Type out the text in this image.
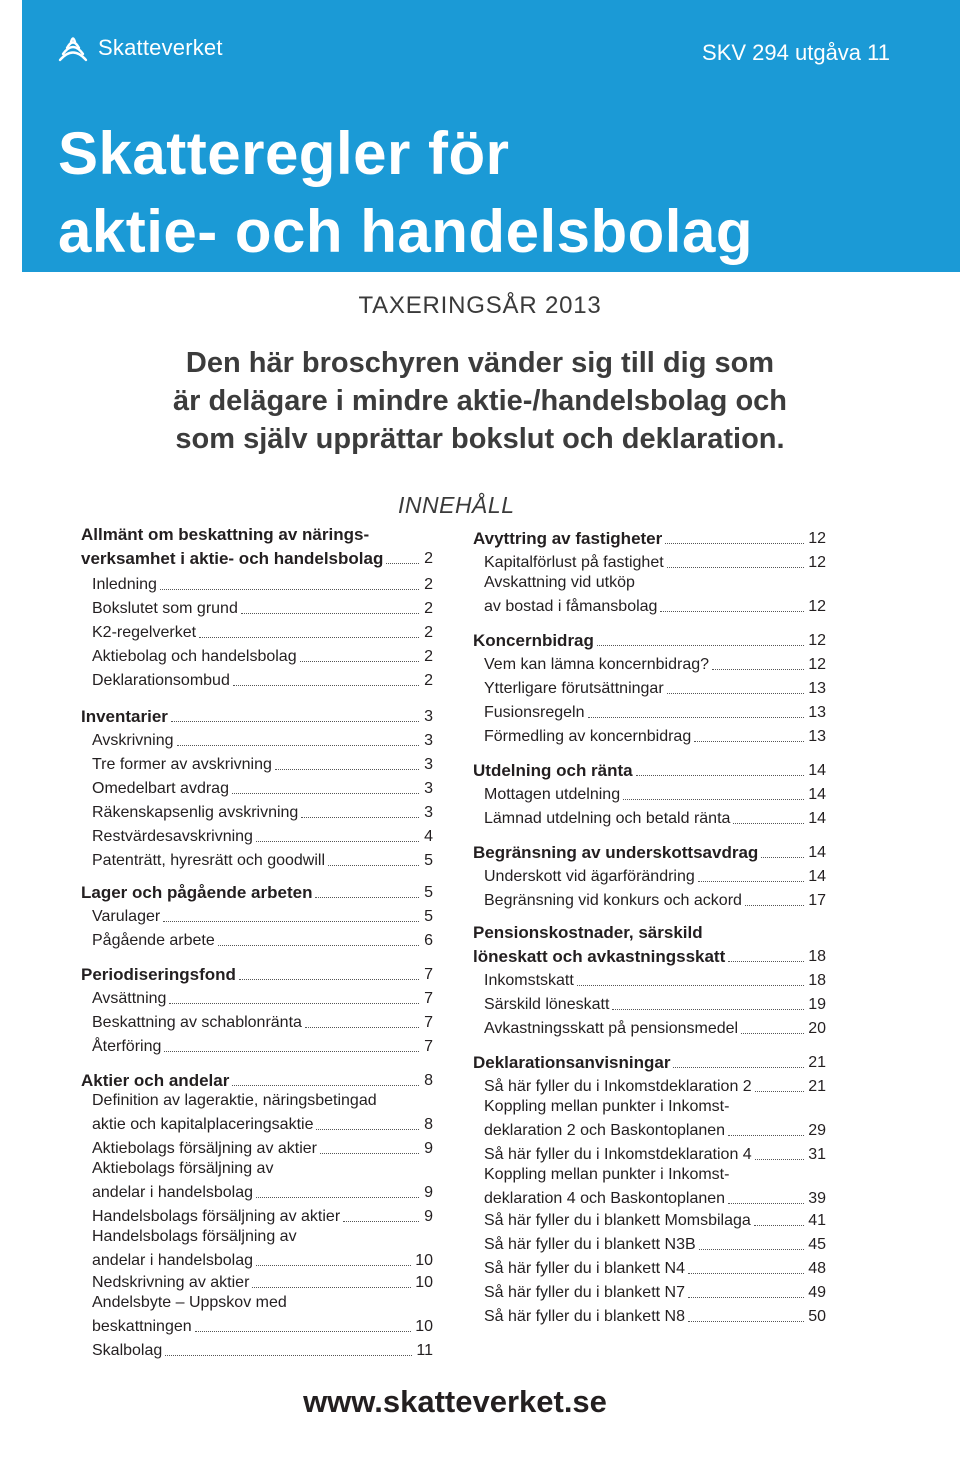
Skatteverket	SKV 294 utgåva 11
Skatteregler för
aktie- och handelsbolag
TAXERINGSÅR 2013
Den här broschyren vänder sig till dig som
är delägare i mindre aktie-/handelsbolag och
som själv upprättar bokslut och deklaration.
INNEHÅLL
Allmänt om beskattning av närings-
verksamhet i aktie- och handelsbolag	2
Inledning	2
Bokslutet som grund	2
K2-regelverket	2
Aktiebolag och handelsbolag	2
Deklarationsombud	2
Inventarier	3
Avskrivning	3
Tre former av avskrivning	3
Omedelbart avdrag	3
Räkenskapsenlig avskrivning	3
Restvärdesavskrivning	4
Patenträtt, hyresrätt och goodwill	5
Lager och pågående arbeten	5
Varulager	5
Pågående arbete	6
Periodiseringsfond	7
Avsättning	7
Beskattning av schablonränta	7
Återföring	7
Aktier och andelar	8
Definition av lageraktie, näringsbetingad
aktie och kapitalplaceringsaktie	8
Aktiebolags försäljning av aktier	9
Aktiebolags försäljning av
andelar i handelsbolag	9
Handelsbolags försäljning av aktier	9
Handelsbolags försäljning av
andelar i handelsbolag	10
Nedskrivning av aktier	10
Andelsbyte – Uppskov med
beskattningen	10
Skalbolag	11
Avyttring av fastigheter	12
Kapitalförlust på fastighet	12
Avskattning vid utköp
av bostad i fåmansbolag	12
Koncernbidrag	12
Vem kan lämna koncernbidrag?	12
Ytterligare förutsättningar	13
Fusionsregeln	13
Förmedling av koncernbidrag	13
Utdelning och ränta	14
Mottagen utdelning	14
Lämnad utdelning och betald ränta	14
Begränsning av underskottsavdrag	14
Underskott vid ägarförändring	14
Begränsning vid konkurs och ackord	17
Pensionskostnader, särskild
löneskatt och avkastningsskatt	18
Inkomstskatt	18
Särskild löneskatt	19
Avkastningsskatt på pensionsmedel	20
Deklarationsanvisningar	21
Så här fyller du i Inkomstdeklaration 2	21
Koppling mellan punkter i Inkomst-
deklaration 2 och Baskontoplanen	29
Så här fyller du i Inkomstdeklaration 4	31
Koppling mellan punkter i Inkomst-
deklaration 4 och Baskontoplanen	39
Så här fyller du i blankett Momsbilaga	41
Så här fyller du i blankett N3B	45
Så här fyller du i blankett N4	48
Så här fyller du i blankett N7	49
Så här fyller du i blankett N8	50
www.skatteverket.se
